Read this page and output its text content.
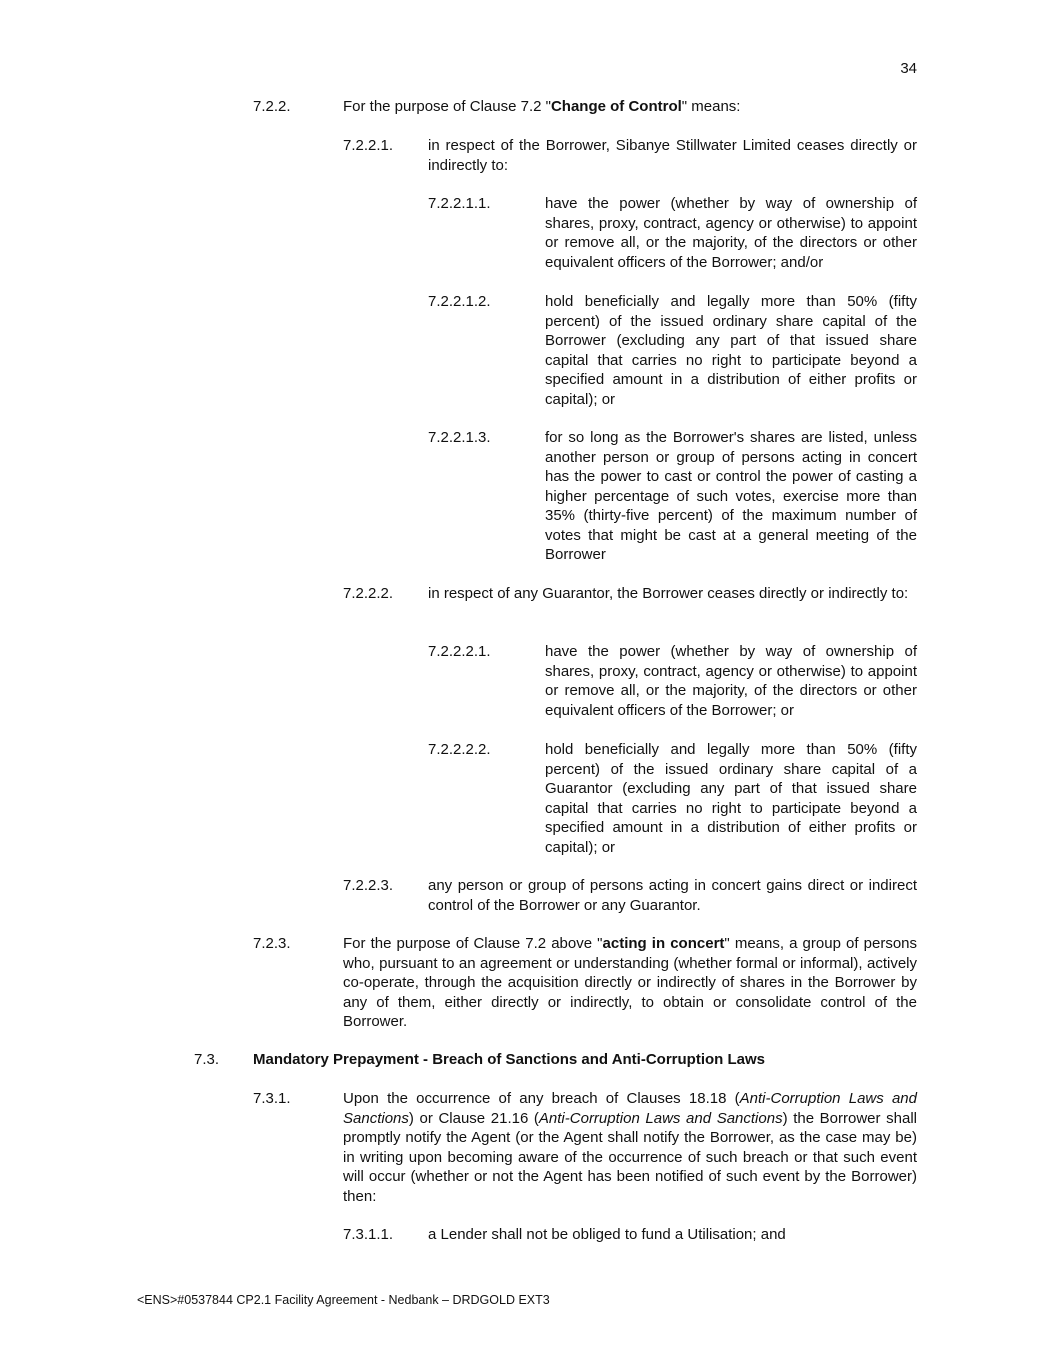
34
7.2.2.	For the purpose of Clause 7.2 "Change of Control" means:
7.2.2.1. in respect of the Borrower, Sibanye Stillwater Limited ceases directly or indirectly to:
7.2.2.1.1.	have the power (whether by way of ownership of shares, proxy, contract, agency or otherwise) to appoint or remove all, or the majority, of the directors or other equivalent officers of the Borrower; and/or
7.2.2.1.2.	hold beneficially and legally more than 50% (fifty percent) of the issued ordinary share capital of the Borrower (excluding any part of that issued share capital that carries no right to participate beyond a specified amount in a distribution of either profits or capital); or
7.2.2.1.3.	for so long as the Borrower's shares are listed, unless another person or group of persons acting in concert has the power to cast or control the power of casting a higher percentage of such votes, exercise more than 35% (thirty-five percent) of the maximum number of votes that might be cast at a general meeting of the Borrower
7.2.2.2. in respect of any Guarantor, the Borrower ceases directly or indirectly to:
7.2.2.2.1.	have the power (whether by way of ownership of shares, proxy, contract, agency or otherwise) to appoint or remove all, or the majority, of the directors or other equivalent officers of the Borrower; or
7.2.2.2.2.	hold beneficially and legally more than 50% (fifty percent) of the issued ordinary share capital of a Guarantor (excluding any part of that issued share capital that carries no right to participate beyond a specified amount in a distribution of either profits or capital); or
7.2.2.3. any person or group of persons acting in concert gains direct or indirect control of the Borrower or any Guarantor.
7.2.3.	For the purpose of Clause 7.2 above "acting in concert" means, a group of persons who, pursuant to an agreement or understanding (whether formal or informal), actively co-operate, through the acquisition directly or indirectly of shares in the Borrower by any of them, either directly or indirectly, to obtain or consolidate control of the Borrower.
7.3. Mandatory Prepayment - Breach of Sanctions and Anti-Corruption Laws
7.3.1.	Upon the occurrence of any breach of Clauses 18.18 (Anti-Corruption Laws and Sanctions) or Clause 21.16 (Anti-Corruption Laws and Sanctions) the Borrower shall promptly notify the Agent (or the Agent shall notify the Borrower, as the case may be) in writing upon becoming aware of the occurrence of such breach or that such event will occur (whether or not the Agent has been notified of such event by the Borrower) then:
7.3.1.1. a Lender shall not be obliged to fund a Utilisation; and
<ENS>#0537844 CP2.1 Facility Agreement - Nedbank – DRDGOLD EXT3
